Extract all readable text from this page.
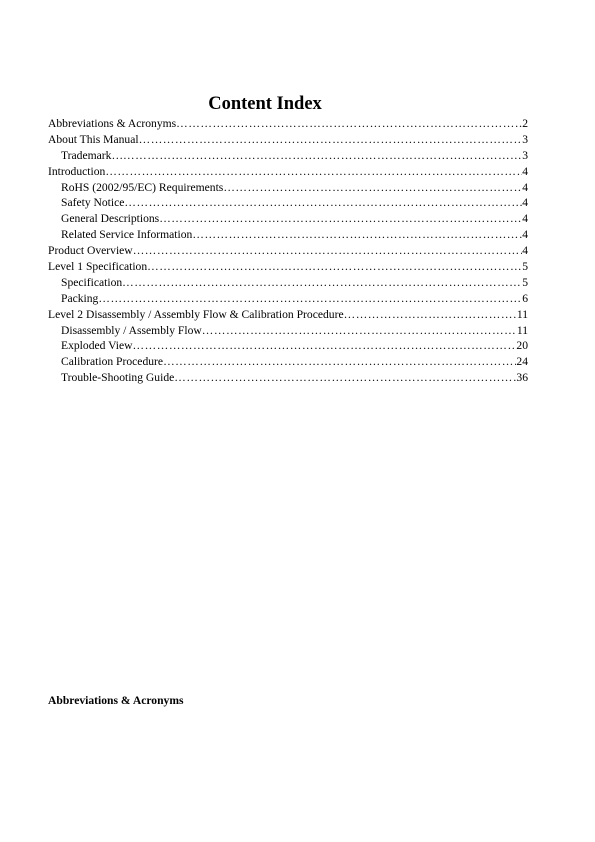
Content Index
Abbreviations & Acronyms ………………………………………………………………………………………………………………………………………………………………………………	2
About This Manual ………………………………………………………………………………………………………………………………………………………………………………	3
Trademark… ………………………………………………………………………………………………………………………………………………………………………………	3
Introduction ………………………………………………………………………………………………………………………………………………………………………………	4
RoHS (2002/95/EC) Requirements ………………………………………………………………………………………………………………………………………………………………………………	4
Safety Notice ………………………………………………………………………………………………………………………………………………………………………………	4
General Descriptions ………………………………………………………………………………………………………………………………………………………………………………	4
Related Service Information ………………………………………………………………………………………………………………………………………………………………………………	4
Product Overview ………………………………………………………………………………………………………………………………………………………………………………	4
Level 1 Specification ………………………………………………………………………………………………………………………………………………………………………………	5
Specification ………………………………………………………………………………………………………………………………………………………………………………	5
Packing ………………………………………………………………………………………………………………………………………………………………………………	6
Level 2 Disassembly / Assembly Flow & Calibration Procedure ………………………………………………………………………………………………………………………………………………………………………………	11
Disassembly / Assembly Flow ………………………………………………………………………………………………………………………………………………………………………………	11
Exploded View ………………………………………………………………………………………………………………………………………………………………………………	20
Calibration Procedure ………………………………………………………………………………………………………………………………………………………………………………	24
Trouble-Shooting Guide ………………………………………………………………………………………………………………………………………………………………………………	36
Abbreviations & Acronyms
